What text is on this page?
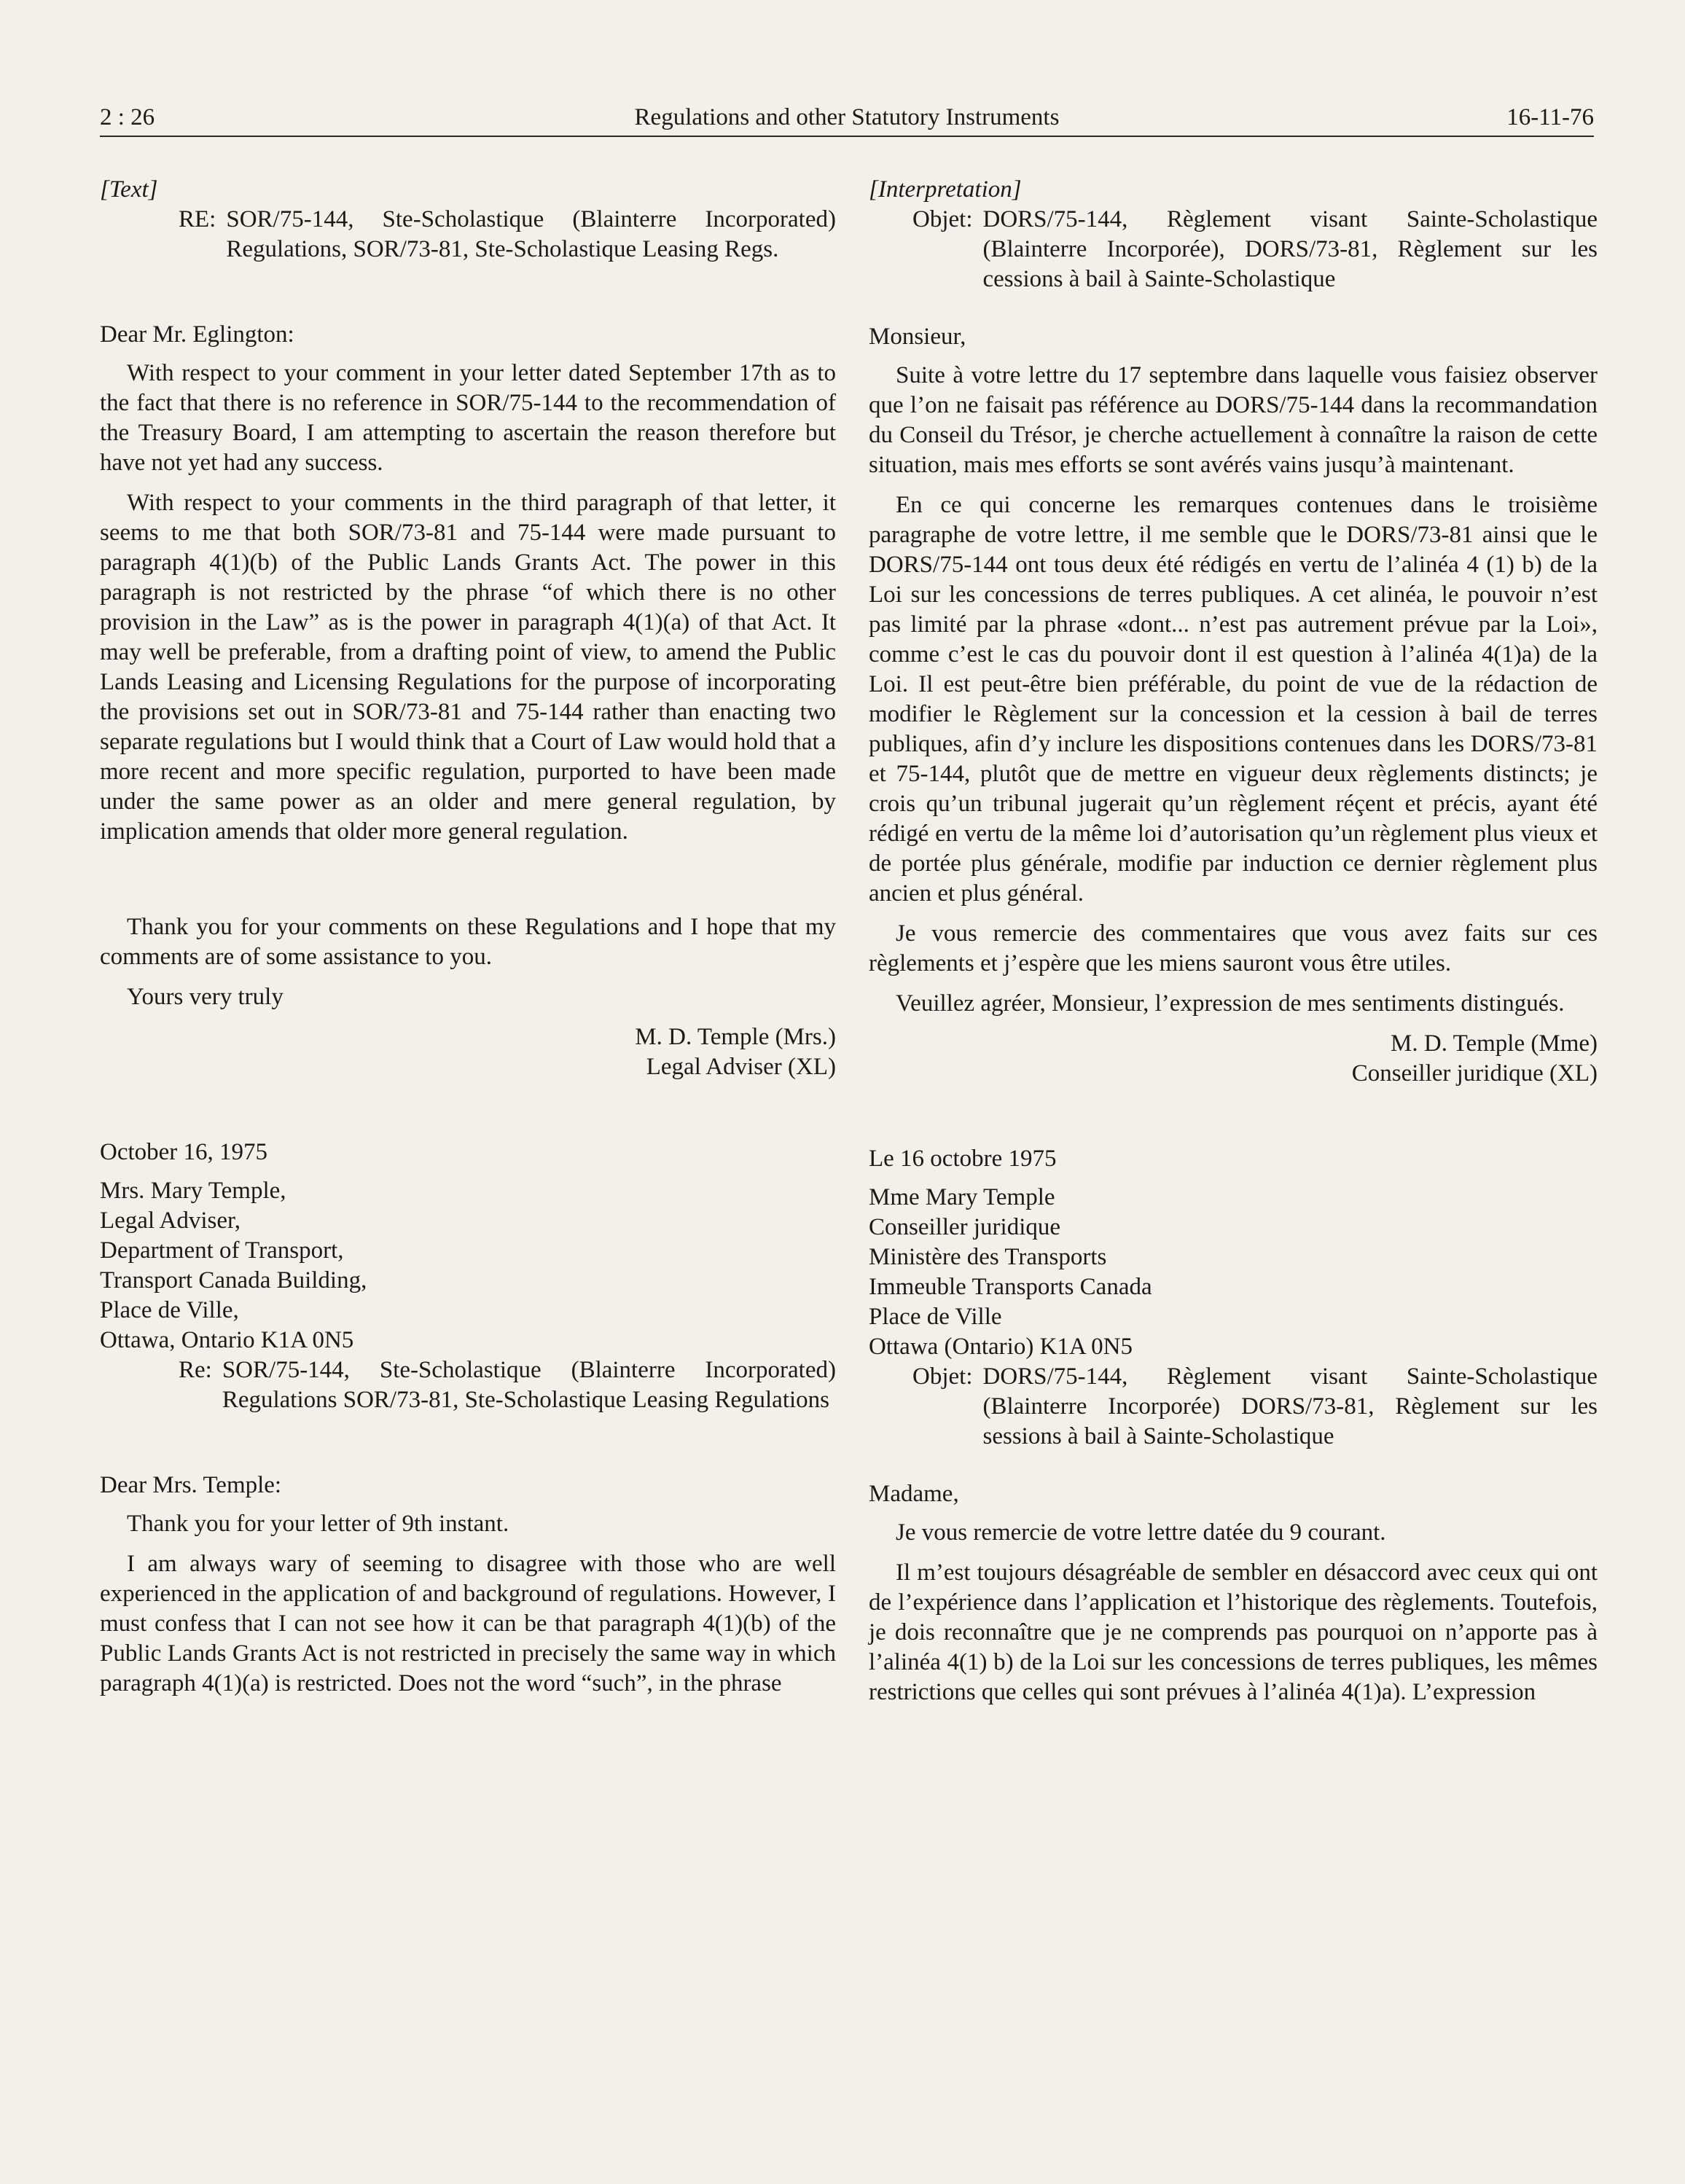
2 : 26	Regulations and other Statutory Instruments	16-11-76
[Text]
RE: SOR/75-144, Ste-Scholastique (Blainterre Incorporated) Regulations, SOR/73-81, Ste-Scholastique Leasing Regs.

Dear Mr. Eglington:

With respect to your comment in your letter dated September 17th as to the fact that there is no reference in SOR/75-144 to the recommendation of the Treasury Board, I am attempting to ascertain the reason therefore but have not yet had any success.

With respect to your comments in the third paragraph of that letter, it seems to me that both SOR/73-81 and 75-144 were made pursuant to paragraph 4(1)(b) of the Public Lands Grants Act. The power in this paragraph is not restricted by the phrase “of which there is no other provision in the Law” as is the power in paragraph 4(1)(a) of that Act. It may well be preferable, from a drafting point of view, to amend the Public Lands Leasing and Licensing Regulations for the purpose of incorporating the provisions set out in SOR/73-81 and 75-144 rather than enacting two separate regulations but I would think that a Court of Law would hold that a more recent and more specific regulation, purported to have been made under the same power as an older and mere general regulation, by implication amends that older more general regulation.

Thank you for your comments on these Regulations and I hope that my comments are of some assistance to you.

Yours very truly

M. D. Temple (Mrs.)

Legal Adviser (XL)

October 16, 1975

Mrs. Mary Temple,

Legal Adviser,

Department of Transport,

Transport Canada Building,

Place de Ville,

Ottawa, Ontario K1A 0N5

Re: SOR/75-144, Ste-Scholastique (Blainterre Incorporated) Regulations SOR/73-81, Ste-Scholastique Leasing Regulations

Dear Mrs. Temple:

Thank you for your letter of 9th instant.

I am always wary of seeming to disagree with those who are well experienced in the application of and background of regulations. However, I must confess that I can not see how it can be that paragraph 4(1)(b) of the Public Lands Grants Act is not restricted in precisely the same way in which paragraph 4(1)(a) is restricted. Does not the word “such”, in the phrase

[Interpretation]
Objet: DORS/75-144, Règlement visant Sainte-Scholastique (Blainterre Incorporée), DORS/73-81, Règlement sur les cessions à bail à Sainte-Scholastique

Monsieur,

Suite à votre lettre du 17 septembre dans laquelle vous faisiez observer que l’on ne faisait pas référence au DORS/75-144 dans la recommandation du Conseil du Trésor, je cherche actuellement à connaître la raison de cette situation, mais mes efforts se sont avérés vains jusqu’à maintenant.

En ce qui concerne les remarques contenues dans le troisième paragraphe de votre lettre, il me semble que le DORS/73-81 ainsi que le DORS/75-144 ont tous deux été rédigés en vertu de l’alinéa 4 (1) b) de la Loi sur les concessions de terres publiques. A cet alinéa, le pouvoir n’est pas limité par la phrase «dont... n’est pas autrement prévue par la Loi», comme c’est le cas du pouvoir dont il est question à l’alinéa 4(1)a) de la Loi. Il est peut-être bien préférable, du point de vue de la rédaction de modifier le Règlement sur la concession et la cession à bail de terres publiques, afin d’y inclure les dispositions contenues dans les DORS/73-81 et 75-144, plutôt que de mettre en vigueur deux règlements distincts; je crois qu’un tribunal jugerait qu’un règlement réçent et précis, ayant été rédigé en vertu de la même loi d’autorisation qu’un règlement plus vieux et de portée plus générale, modifie par induction ce dernier règlement plus ancien et plus général.

Je vous remercie des commentaires que vous avez faits sur ces règlements et j’espère que les miens sauront vous être utiles.

Veuillez agréer, Monsieur, l’expression de mes sentiments distingués.

M. D. Temple (Mme)

Conseiller juridique (XL)

Le 16 octobre 1975

Mme Mary Temple

Conseiller juridique

Ministère des Transports

Immeuble Transports Canada

Place de Ville

Ottawa (Ontario) K1A 0N5

Objet: DORS/75-144, Règlement visant Sainte-Scholastique (Blainterre Incorporée) DORS/73-81, Règlement sur les sessions à bail à Sainte-Scholastique

Madame,

Je vous remercie de votre lettre datée du 9 courant.

Il m’est toujours désagréable de sembler en désaccord avec ceux qui ont de l’expérience dans l’application et l’historique des règlements. Toutefois, je dois reconnaître que je ne comprends pas pourquoi on n’apporte pas à l’alinéa 4(1) b) de la Loi sur les concessions de terres publiques, les mêmes restrictions que celles qui sont prévues à l’alinéa 4(1)a). L’expression
